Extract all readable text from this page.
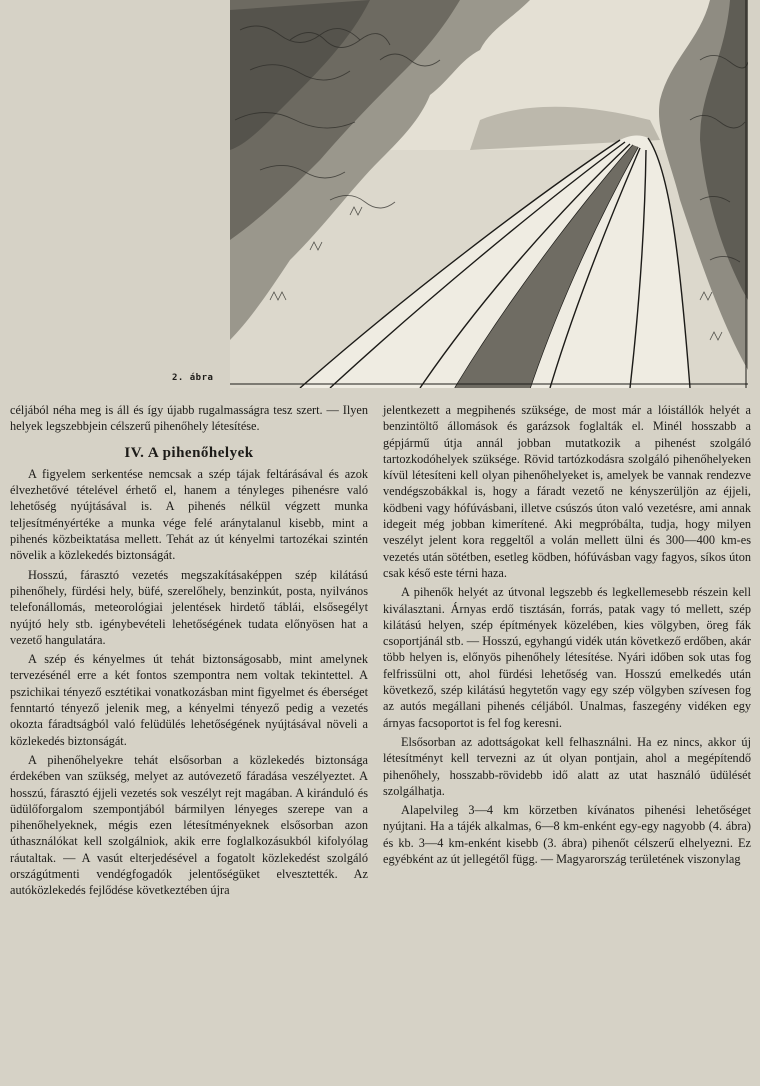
2. ábra

céljából néha meg is áll és így újabb rugalmasságra tesz szert. — Ilyen helyek legszebbjein célszerű pihenőhely létesítése.

IV. A pihenőhelyek

A figyelem serkentése nemcsak a szép tájak feltárásával és azok élvezhetővé tételével érhető el, hanem a tényleges pihenésre való lehetőség nyújtásával is. A pihenés nélkül végzett munka teljesítményértéke a munka vége felé aránytalanul kisebb, mint a pihenés közbeiktatása mellett. Tehát az út kényelmi tartozékai szintén növelik a közlekedés biztonságát.

Hosszú, fárasztó vezetés megszakításaképpen szép kilátású pihenőhely, fürdési hely, büfé, szerelőhely, benzinkút, posta, nyilvános telefonállomás, meteorológiai jelentések hirdető táblái, elsősegélyt nyújtó hely stb. igénybevételi lehetőségének tudata előnyösen hat a vezető hangulatára.

A szép és kényelmes út tehát biztonságosabb, mint amelynek tervezésénél erre a két fontos szempontra nem voltak tekintettel. A pszichikai tényező esztétikai vonatkozásban mint figyelmet és éberséget fenntartó tényező jelenik meg, a kényelmi tényező pedig a vezetés okozta fáradtságból való felüdülés lehetőségének nyújtásával növeli a közlekedés biztonságát.

A pihenőhelyekre tehát elsősorban a közlekedés biztonsága érdekében van szükség, melyet az autóvezető fáradása veszélyeztet. A hosszú, fárasztó éjjeli vezetés sok veszélyt rejt magában. A kiránduló és üdülőforgalom szempontjából bármilyen lényeges szerepe van a pihenőhelyeknek, mégis ezen létesítményeknek elsősorban azon úthasználókat kell szolgálniok, akik erre foglalkozásukból kifolyólag ráutaltak. — A vasút elterjedésével a fogatolt közlekedést szolgáló országútmenti vendégfogadók jelentőségüket elvesztették. Az autóközlekedés fejlődése következtében újra

jelentkezett a megpihenés szüksége, de most már a lóistállók helyét a benzintöltő állomások és garázsok foglalták el. Minél hosszabb a gépjármű útja annál jobban mutatkozik a pihenést szolgáló tartozkodóhelyek szüksége. Rövid tartózkodásra szolgáló pihenőhelyeken kívül létesíteni kell olyan pihenőhelyeket is, amelyek be vannak rendezve vendégszobákkal is, hogy a fáradt vezető ne kényszerüljön az éjjeli, ködbeni vagy hófúvásbani, illetve csúszós úton való vezetésre, ami annak idegeit még jobban kimerítené. Aki megpróbálta, tudja, hogy milyen veszélyt jelent kora reggeltől a volán mellett ülni és 300—400 km-es vezetés után sötétben, esetleg ködben, hófúvásban vagy fagyos, síkos úton csak késő este térni haza.

A pihenők helyét az útvonal legszebb és legkellemesebb részein kell kiválasztani. Árnyas erdő tisztásán, forrás, patak vagy tó mellett, szép kilátású helyen, szép építmények közelében, kies völgyben, öreg fák csoportjánál stb. — Hosszú, egyhangú vidék után következő erdőben, akár több helyen is, előnyös pihenőhely létesítése. Nyári időben sok utas fog felfrissülni ott, ahol fürdési lehetőség van. Hosszú emelkedés után következő, szép kilátású hegytetőn vagy egy szép völgyben szívesen fog az autós megállani pihenés céljából. Unalmas, faszegény vidéken egy árnyas facsoportot is fel fog keresni.

Elsősorban az adottságokat kell felhasználni. Ha ez nincs, akkor új létesítményt kell tervezni az út olyan pontjain, ahol a megépítendő pihenőhely, hosszabb-rövidebb idő alatt az utat használó üdülését szolgálhatja.

Alapelvileg 3—4 km körzetben kívánatos pihenési lehetőséget nyújtani. Ha a tájék alkalmas, 6—8 km-enként egy-egy nagyobb (4. ábra) és kb. 3—4 km-enként kisebb (3. ábra) pihenőt célszerű elhelyezni. Ez egyébként az út jellegétől függ. — Magyarország területének viszonylag
